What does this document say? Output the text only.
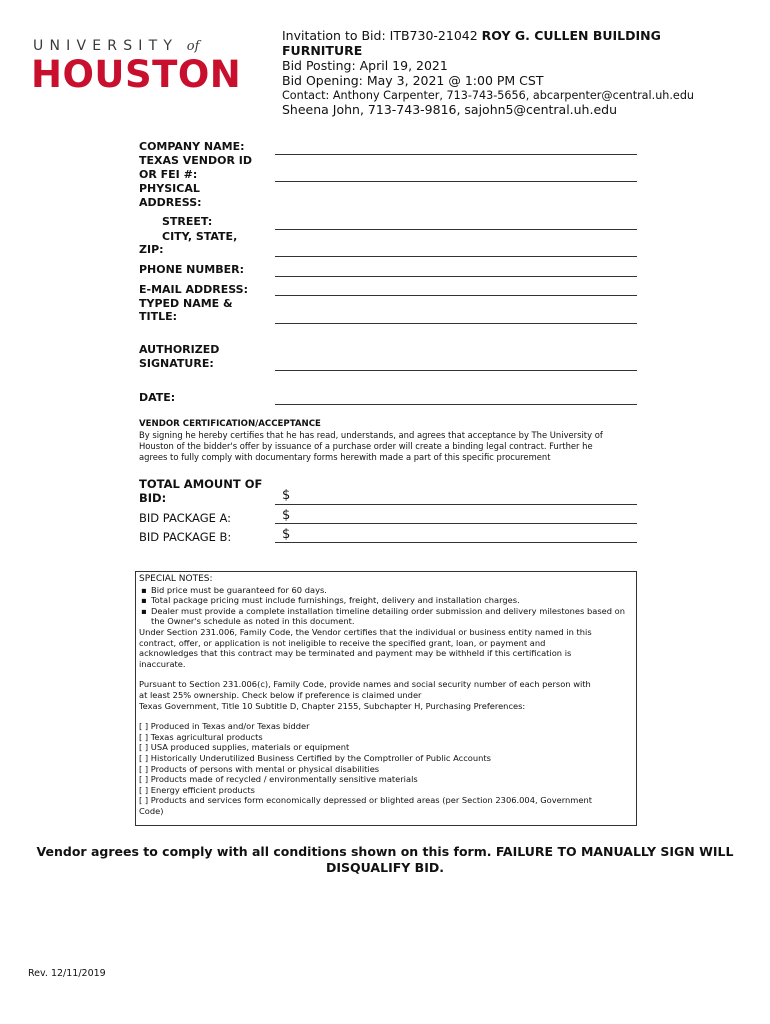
UNIVERSITY of
HOUSTON
Invitation to Bid: ITB730-21042 ROY G. CULLEN BUILDING
FURNITURE
Bid Posting: April 19, 2021
Bid Opening: May 3, 2021 @ 1:00 PM CST
Contact: Anthony Carpenter, 713-743-5656, abcarpenter@central.uh.edu
Sheena John, 713-743-9816, sajohn5@central.uh.edu
COMPANY NAME:
TEXAS VENDOR ID
OR FEI #:
PHYSICAL
ADDRESS:
STREET:
CITY, STATE,
ZIP:
PHONE NUMBER:
E-MAIL ADDRESS:
TYPED NAME &
TITLE:
AUTHORIZED
SIGNATURE:
DATE:
VENDOR CERTIFICATION/ACCEPTANCE
By signing he hereby certifies that he has read, understands, and agrees that acceptance by The University of
Houston of the bidder's offer by issuance of a purchase order will create a binding legal contract. Further he
agrees to fully comply with documentary forms herewith made a part of this specific procurement
TOTAL AMOUNT OF
BID:
BID PACKAGE A:
BID PACKAGE B:
$
$
$

SPECIAL NOTES:

▪ Bid price must be guaranteed for 60 days.
▪ Total package pricing must include furnishings, freight, delivery and installation charges.
▪ Dealer must provide a complete installation timeline detailing order submission and delivery milestones based on the Owner's schedule as noted in this document.

Under Section 231.006, Family Code, the Vendor certifies that the individual or business entity named in this

contract, offer, or application is not ineligible to receive the specified grant, loan, or payment and

acknowledges that this contract may be terminated and payment may be withheld if this certification is

inaccurate.

Pursuant to Section 231.006(c), Family Code, provide names and social security number of each person with

at least 25% ownership. Check below if preference is claimed under

Texas Government, Title 10 Subtitle D, Chapter 2155, Subchapter H, Purchasing Preferences:

[ ] Produced in Texas and/or Texas bidder

[ ] Texas agricultural products

[ ] USA produced supplies, materials or equipment

[ ] Historically Underutilized Business Certified by the Comptroller of Public Accounts

[ ] Products of persons with mental or physical disabilities

[ ] Products made of recycled / environmentally sensitive materials

[ ] Energy efficient products

[ ] Products and services form economically depressed or blighted areas (per Section 2306.004, Government

Code)

Vendor agrees to comply with all conditions shown on this form. FAILURE TO MANUALLY SIGN WILL
DISQUALIFY BID.
Rev. 12/11/2019
